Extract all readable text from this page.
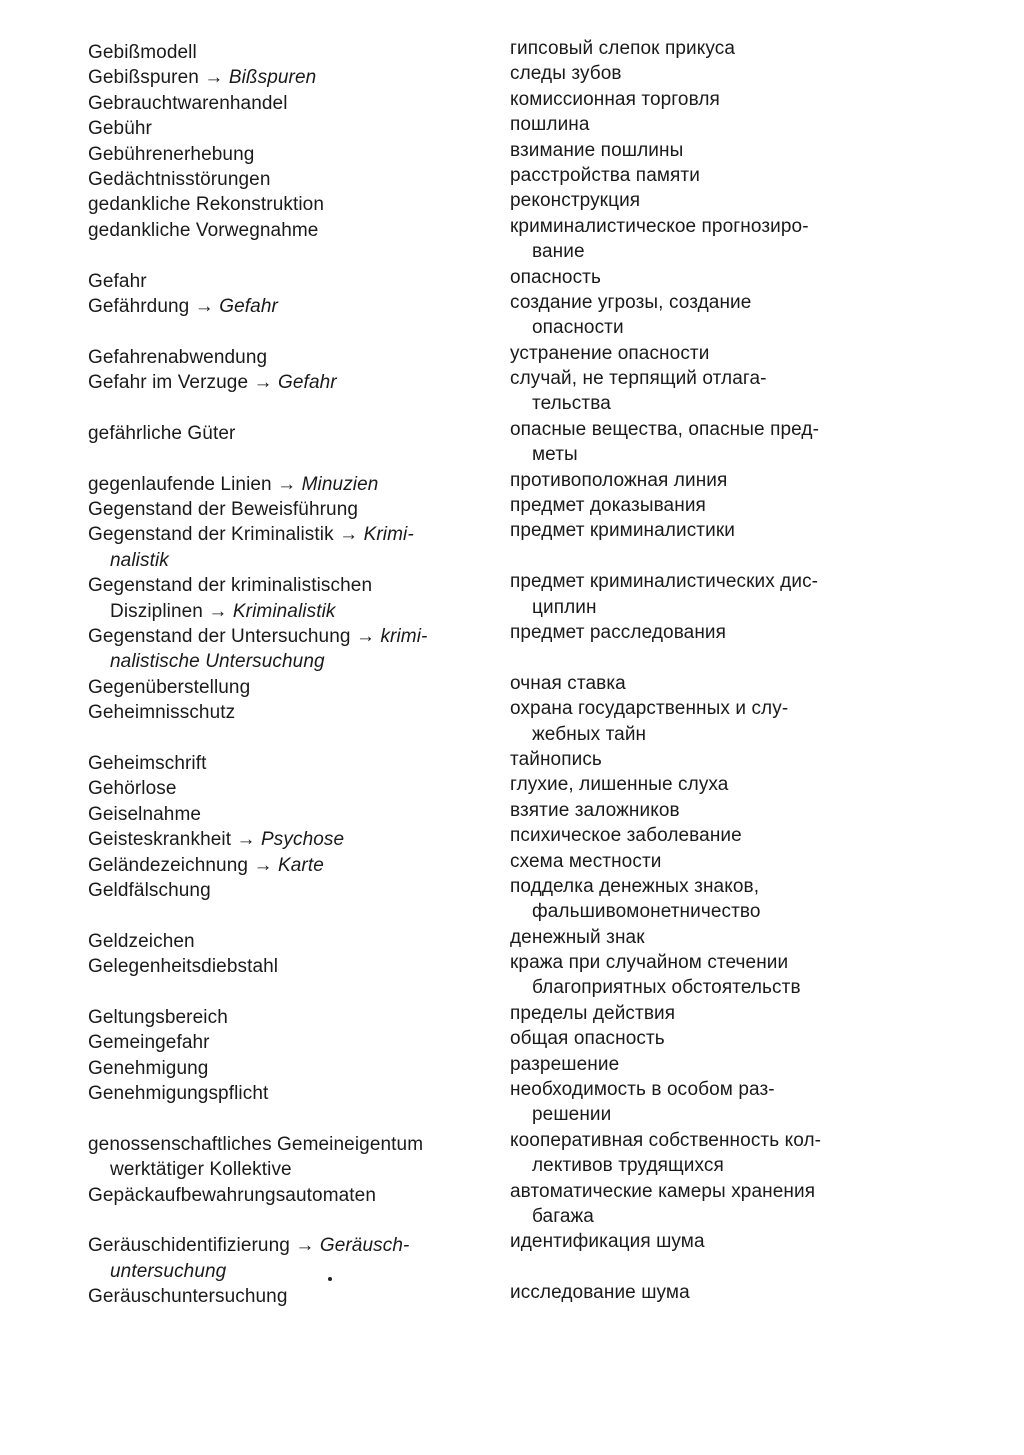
Gebißmodell
Gebißspuren → Bißspuren
Gebrauchtwarenhandel
Gebühr
Gebührenerhebung
Gedächtnisstörungen
gedankliche Rekonstruktion
gedankliche Vorwegnahme
Gefahr
Gefährdung → Gefahr
Gefahrenabwendung
Gefahr im Verzuge → Gefahr
gefährliche Güter
gegenlaufende Linien → Minuzien
Gegenstand der Beweisführung
Gegenstand der Kriminalistik → Krimi-
nalistik
Gegenstand der kriminalistischen
Disziplinen → Kriminalistik
Gegenstand der Untersuchung → krimi-
nalistische Untersuchung
Gegenüberstellung
Geheimnisschutz
Geheimschrift
Gehörlose
Geiselnahme
Geisteskrankheit → Psychose
Geländezeichnung → Karte
Geldfälschung
Geldzeichen
Gelegenheitsdiebstahl
Geltungsbereich
Gemeingefahr
Genehmigung
Genehmigungspflicht
genossenschaftliches Gemeineigentum
werktätiger Kollektive
Gepäckaufbewahrungsautomaten
Geräuschidentifizierung → Geräusch-
untersuchung
Geräuschuntersuchung
гипсовый слепок прикуса
следы зубов
комиссионная торговля
пошлина
взимание пошлины
расстройства памяти
реконструкция
криминалистическое прогнозиро-
вание
опасность
создание угрозы, создание
опасности
устранение опасности
случай, не терпящий отлага-
тельства
опасные вещества, опасные пред-
меты
противоположная линия
предмет доказывания
предмет криминалистики
предмет криминалистических дис-
циплин
предмет расследования
очная ставка
охрана государственных и слу-
жебных тайн
тайнопись
глухие, лишенные слуха
взятие заложников
психическое заболевание
схема местности
подделка денежных знаков,
фальшивомонетничество
денежный знак
кража при случайном стечении
благоприятных обстоятельств
пределы действия
общая опасность
разрешение
необходимость в особом раз-
решении
кооперативная собственность кол-
лективов трудящихся
автоматические камеры хранения
багажа
идентификация шума
исследование шума
